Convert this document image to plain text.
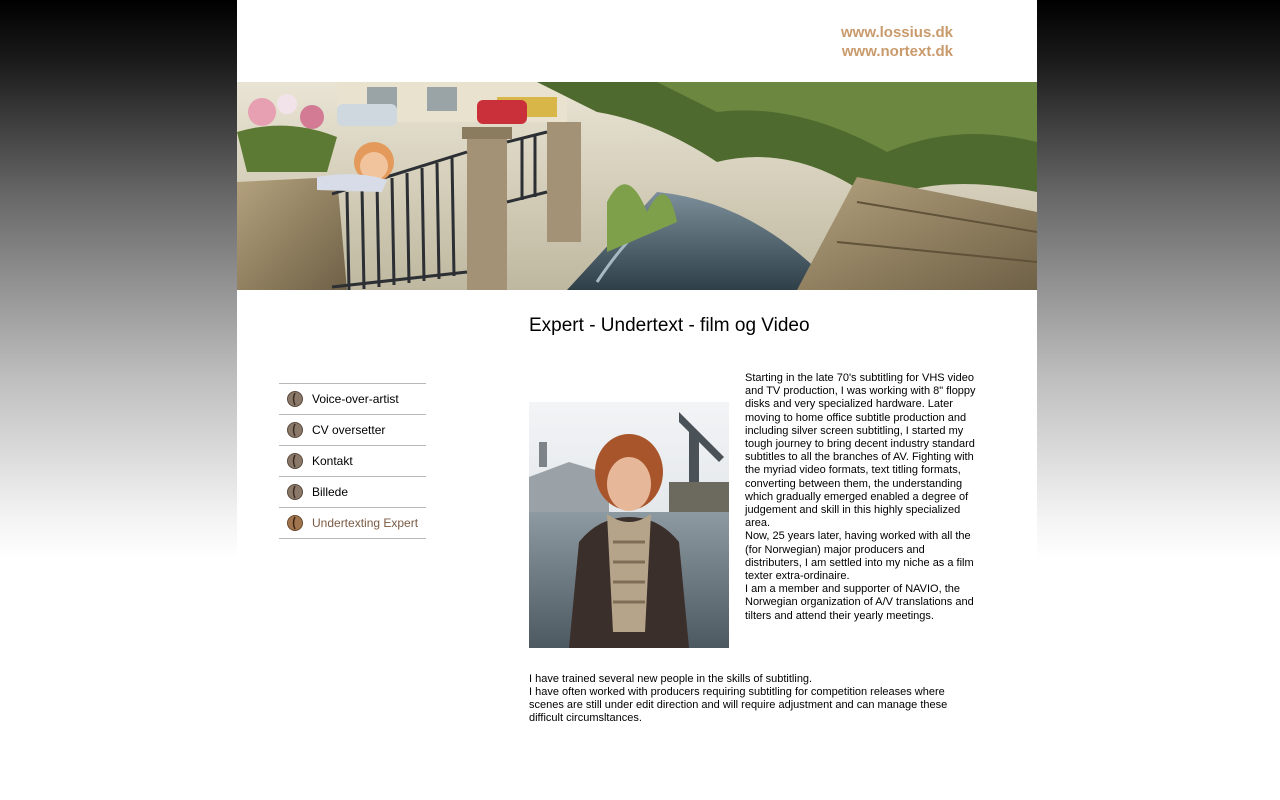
www.lossius.dk
www.nortext.dk
Expert - Undertext - film og Video
Voice-over-artist
CV oversetter
Kontakt
Billede
Undertexting Expert

Starting in the late 70's subtitling for VHS video and TV production, I was working with 8" floppy disks and very specialized hardware. Later moving to home office subtitle production and including silver screen subtitling, I started my tough journey to bring decent industry standard subtitles to all the branches of AV. Fighting with the myriad video formats, text titling formats, converting between them, the understanding which gradually emerged enabled a degree of judgement and skill in this highly specialized area.

Now, 25 years later, having worked with all the (for Norwegian) major producers and distributers, I am settled into my niche as a film texter extra-ordinaire.

I am a member and supporter of NAVIO, the Norwegian organization of A/V translations and tilters and attend their yearly meetings.

I have trained several new people in the skills of subtitling.

I have often worked with producers requiring subtitling for competition releases where scenes are still under edit direction and will require adjustment and can manage these difficult circumsltances.
